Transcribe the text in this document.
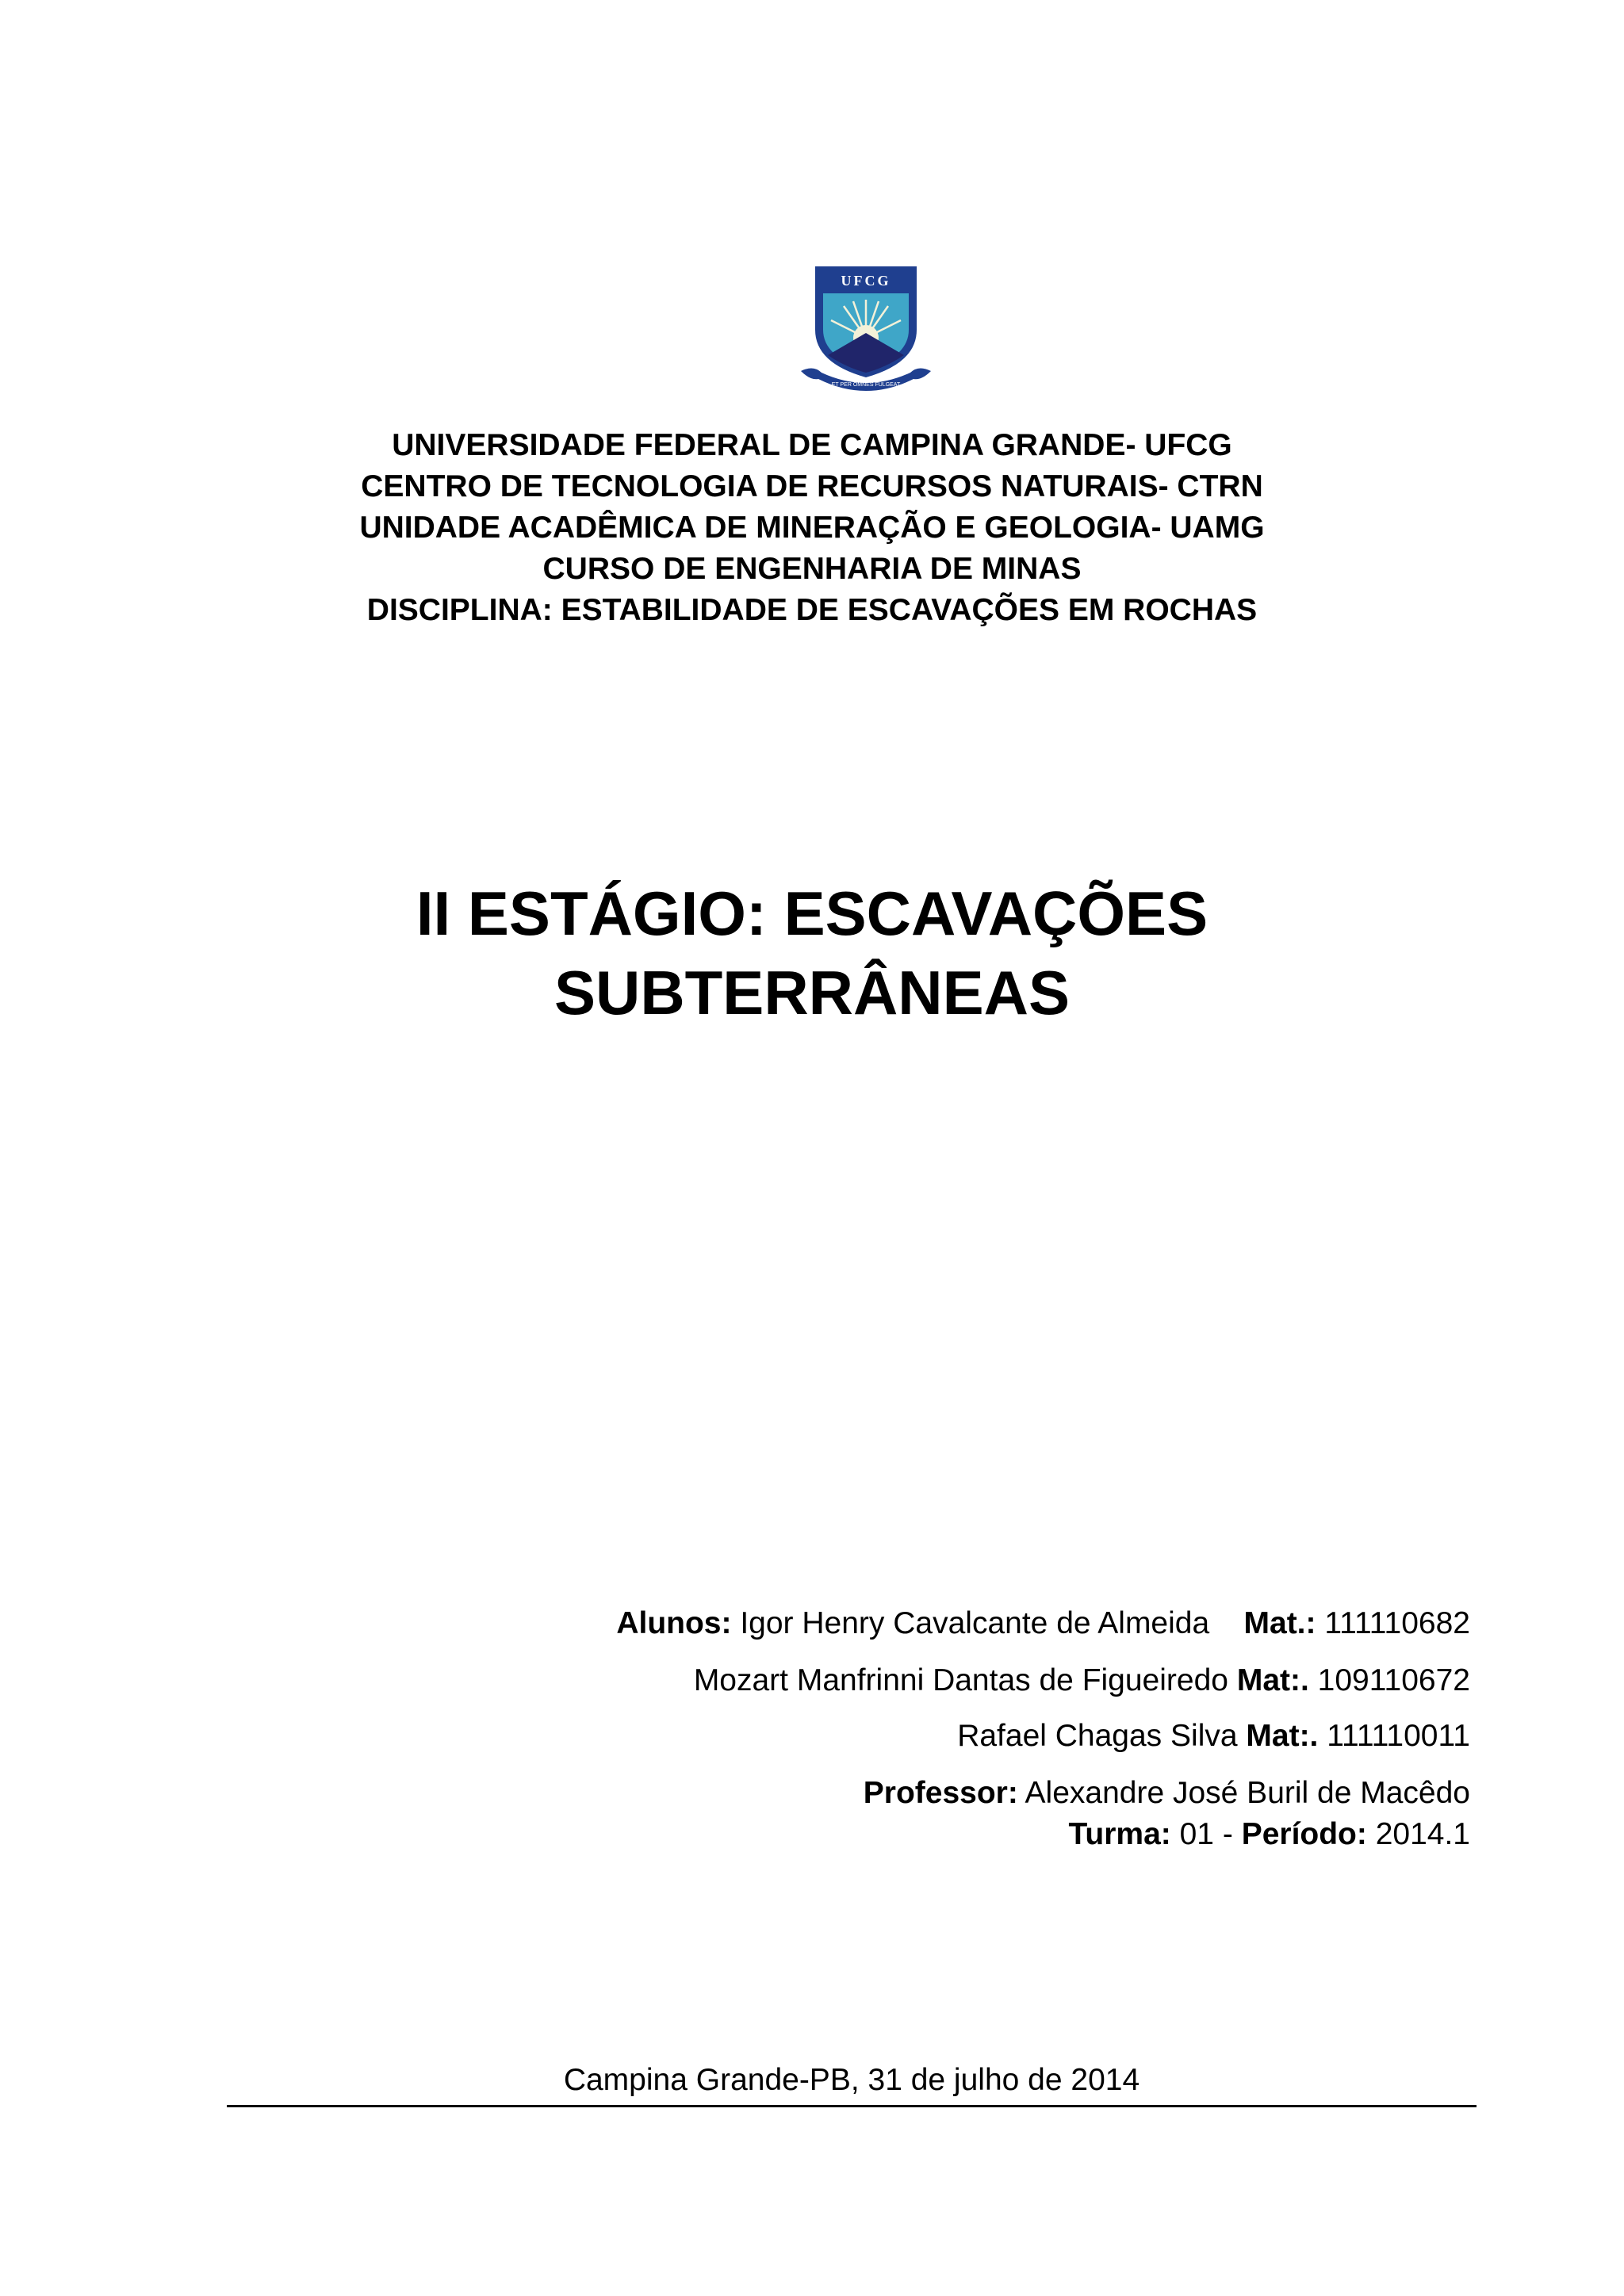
UFCG
ET PER OMNES FULGEAT
UNIVERSIDADE FEDERAL DE CAMPINA GRANDE- UFCG
CENTRO DE TECNOLOGIA DE RECURSOS NATURAIS- CTRN
UNIDADE ACADÊMICA DE MINERAÇÃO E GEOLOGIA- UAMG
CURSO DE ENGENHARIA DE MINAS
DISCIPLINA: ESTABILIDADE DE ESCAVAÇÕES EM ROCHAS
II ESTÁGIO: ESCAVAÇÕES
SUBTERRÂNEAS
Alunos: Igor Henry Cavalcante de Almeida Mat.: 111110682
Mozart Manfrinni Dantas de Figueiredo Mat:. 109110672
Rafael Chagas Silva Mat:. 111110011
Professor: Alexandre José Buril de Macêdo
Turma: 01 - Período: 2014.1
Campina Grande-PB, 31 de julho de 2014
